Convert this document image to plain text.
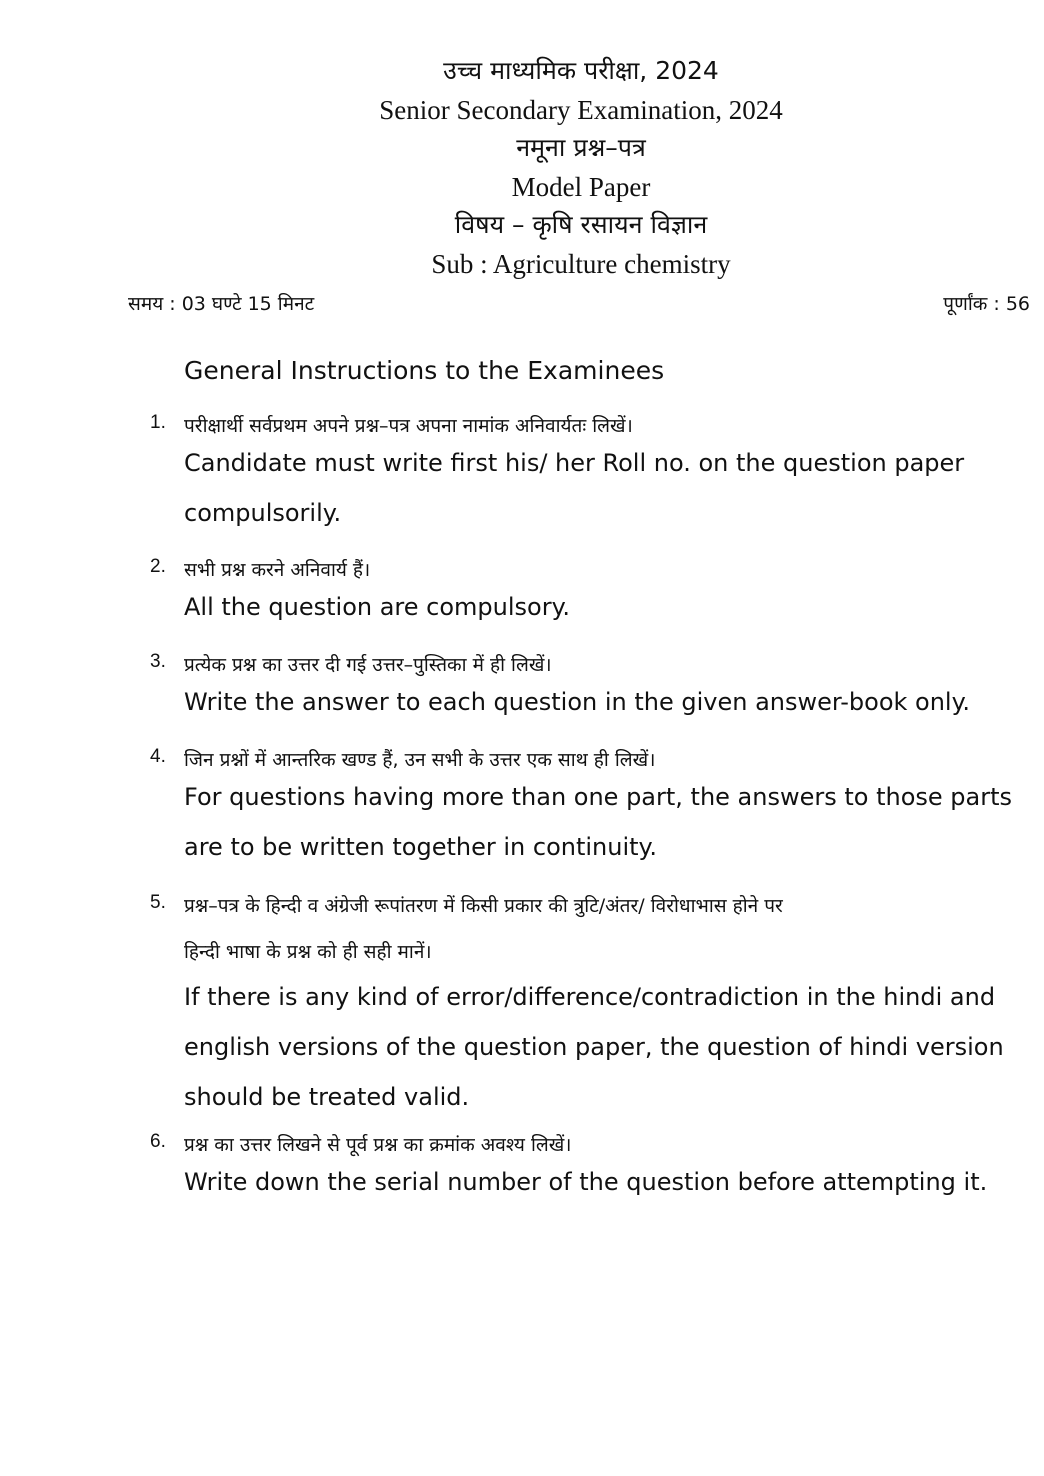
उच्च माध्यमिक परीक्षा, 2024
Senior Secondary Examination, 2024
नमूना प्रश्न–पत्र
Model Paper
विषय – कृषि रसायन विज्ञान
Sub : Agriculture chemistry
समय : 03 घण्टे 15 मिनट	पूर्णांक : 56
General Instructions to the Examinees
1. परीक्षार्थी सर्वप्रथम अपने प्रश्न–पत्र अपना नामांक अनिवार्यतः लिखें।
Candidate must write first his/ her Roll no. on the question paper compulsorily.
2. सभी प्रश्न करने अनिवार्य हैं।
All the question are compulsory.
3. प्रत्येक प्रश्न का उत्तर दी गई उत्तर–पुस्तिका में ही लिखें।
Write the answer to each question in the given answer-book only.
4. जिन प्रश्नों में आन्तरिक खण्ड हैं, उन सभी के उत्तर एक साथ ही लिखें।
For questions having more than one part, the answers to those parts are to be written together in continuity.
5. प्रश्न–पत्र के हिन्दी व अंग्रेजी रूपांतरण में किसी प्रकार की त्रुटि/अंतर/ विरोधाभास होने पर
हिन्दी भाषा के प्रश्न को ही सही मानें।
If there is any kind of error/difference/contradiction in the hindi and english versions of the question paper, the question of hindi version should be treated valid.
6. प्रश्न का उत्तर लिखने से पूर्व प्रश्न का क्रमांक अवश्य लिखें।
Write down the serial number of the question before attempting it.
